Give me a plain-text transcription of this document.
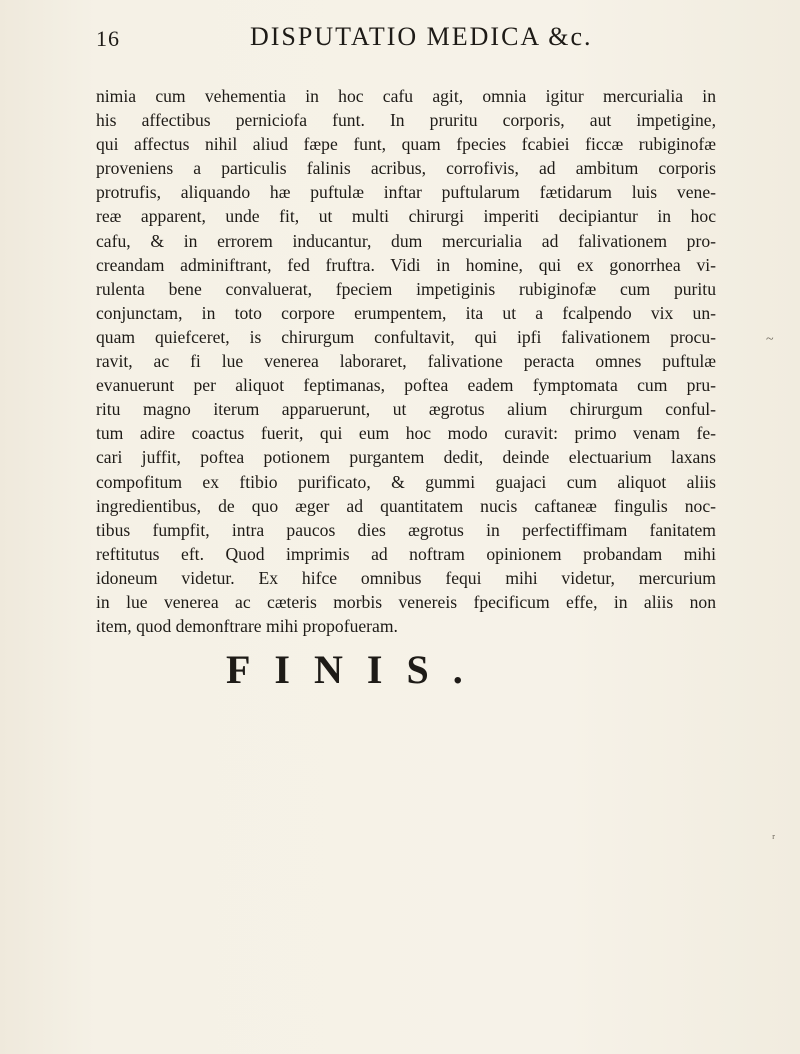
16	DISPUTATIO MEDICA &c.

nimia cum vehementia in hoc cafu agit, omnia igitur mercurialia in
his affectibus perniciofa funt. In pruritu corporis, aut impetigine,
qui affectus nihil aliud fæpe funt, quam fpecies fcabiei ficcæ rubiginofæ
proveniens a particulis falinis acribus, corrofivis, ad ambitum corporis
protrufis, aliquando hæ puftulæ inftar puftularum fætidarum luis vene-
reæ apparent, unde fit, ut multi chirurgi imperiti decipiantur in hoc
cafu, & in errorem inducantur, dum mercurialia ad falivationem pro-
creandam adminiftrant, fed fruftra. Vidi in homine, qui ex gonorrhea vi-
rulenta bene convaluerat, fpeciem impetiginis rubiginofæ cum puritu
conjunctam, in toto corpore erumpentem, ita ut a fcalpendo vix un-
quam quiefceret, is chirurgum confultavit, qui ipfi falivationem procu-
ravit, ac fi lue venerea laboraret, falivatione peracta omnes puftulæ
evanuerunt per aliquot feptimanas, poftea eadem fymptomata cum pru-
ritu magno iterum apparuerunt, ut ægrotus alium chirurgum conful-
tum adire coactus fuerit, qui eum hoc modo curavit: primo venam fe-
cari juffit, poftea potionem purgantem dedit, deinde electuarium laxans
compofitum ex ftibio purificato, & gummi guajaci cum aliquot aliis
ingredientibus, de quo æger ad quantitatem nucis caftaneæ fingulis noc-
tibus fumpfit, intra paucos dies ægrotus in perfectiffimam fanitatem
reftitutus eft. Quod imprimis ad noftram opinionem probandam mihi
idoneum videtur. Ex hifce omnibus fequi mihi videtur, mercurium
in lue venerea ac cæteris morbis venereis fpecificum effe, in aliis non
item, quod demonftrare mihi propofueram.

FINIS.
~
ʳ
